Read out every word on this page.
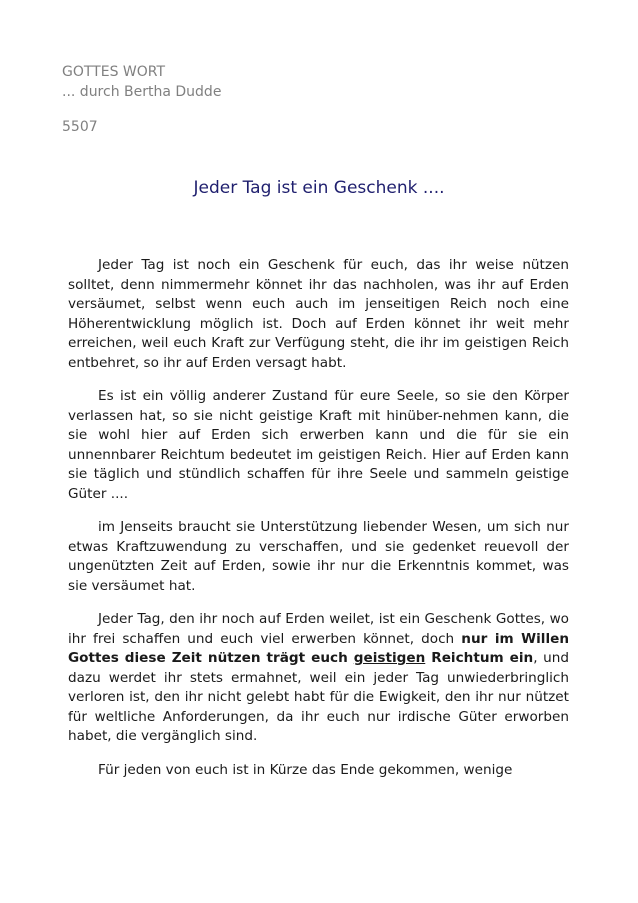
GOTTES WORT
... durch Bertha Dudde
5507
Jeder Tag ist ein Geschenk ....

Jeder Tag ist noch ein Geschenk für euch, das ihr weise nützen solltet, denn nimmermehr könnet ihr das nachholen, was ihr auf Erden versäumet, selbst wenn euch auch im jenseitigen Reich noch eine Höherentwicklung möglich ist. Doch auf Erden könnet ihr weit mehr erreichen, weil euch Kraft zur Verfügung steht, die ihr im geistigen Reich entbehret, so ihr auf Erden versagt habt.

Es ist ein völlig anderer Zustand für eure Seele, so sie den Körper verlassen hat, so sie nicht geistige Kraft mit hinüber-nehmen kann, die sie wohl hier auf Erden sich erwerben kann und die für sie ein unnennbarer Reichtum bedeutet im geistigen Reich. Hier auf Erden kann sie täglich und stündlich schaffen für ihre Seele und sammeln geistige Güter ....

im Jenseits braucht sie Unterstützung liebender Wesen, um sich nur etwas Kraftzuwendung zu verschaffen, und sie gedenket reuevoll der ungenützten Zeit auf Erden, sowie ihr nur die Erkenntnis kommet, was sie versäumet hat.

Jeder Tag, den ihr noch auf Erden weilet, ist ein Geschenk Gottes, wo ihr frei schaffen und euch viel erwerben könnet, doch nur im Willen Gottes diese Zeit nützen trägt euch geistigen Reichtum ein, und dazu werdet ihr stets ermahnet, weil ein jeder Tag unwiederbringlich verloren ist, den ihr nicht gelebt habt für die Ewigkeit, den ihr nur nützet für weltliche Anforderungen, da ihr euch nur irdische Güter erworben habet, die vergänglich sind.

Für jeden von euch ist in Kürze das Ende gekommen, wenige
